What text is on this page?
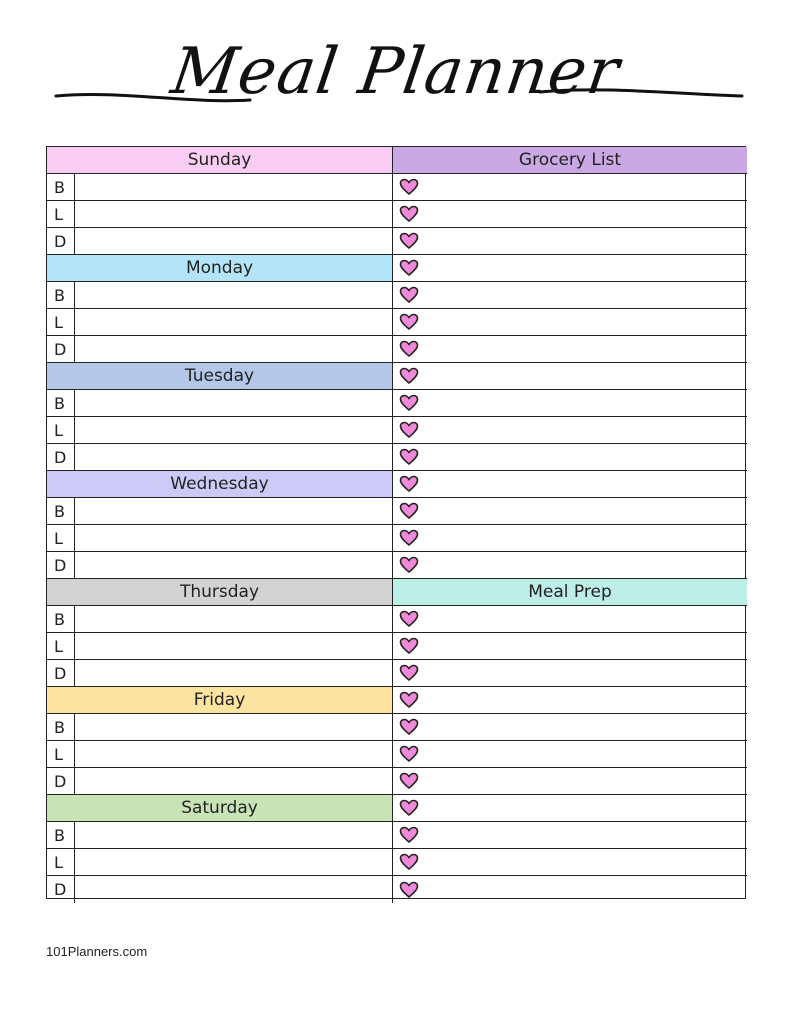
Meal Planner
Sunday
B
L
D
Monday
B
L
D
Tuesday
B
L
D
Wednesday
B
L
D
Thursday
B
L
D
Friday
B
L
D
Saturday
B
L
D
Grocery List
Meal Prep
101Planners.com
